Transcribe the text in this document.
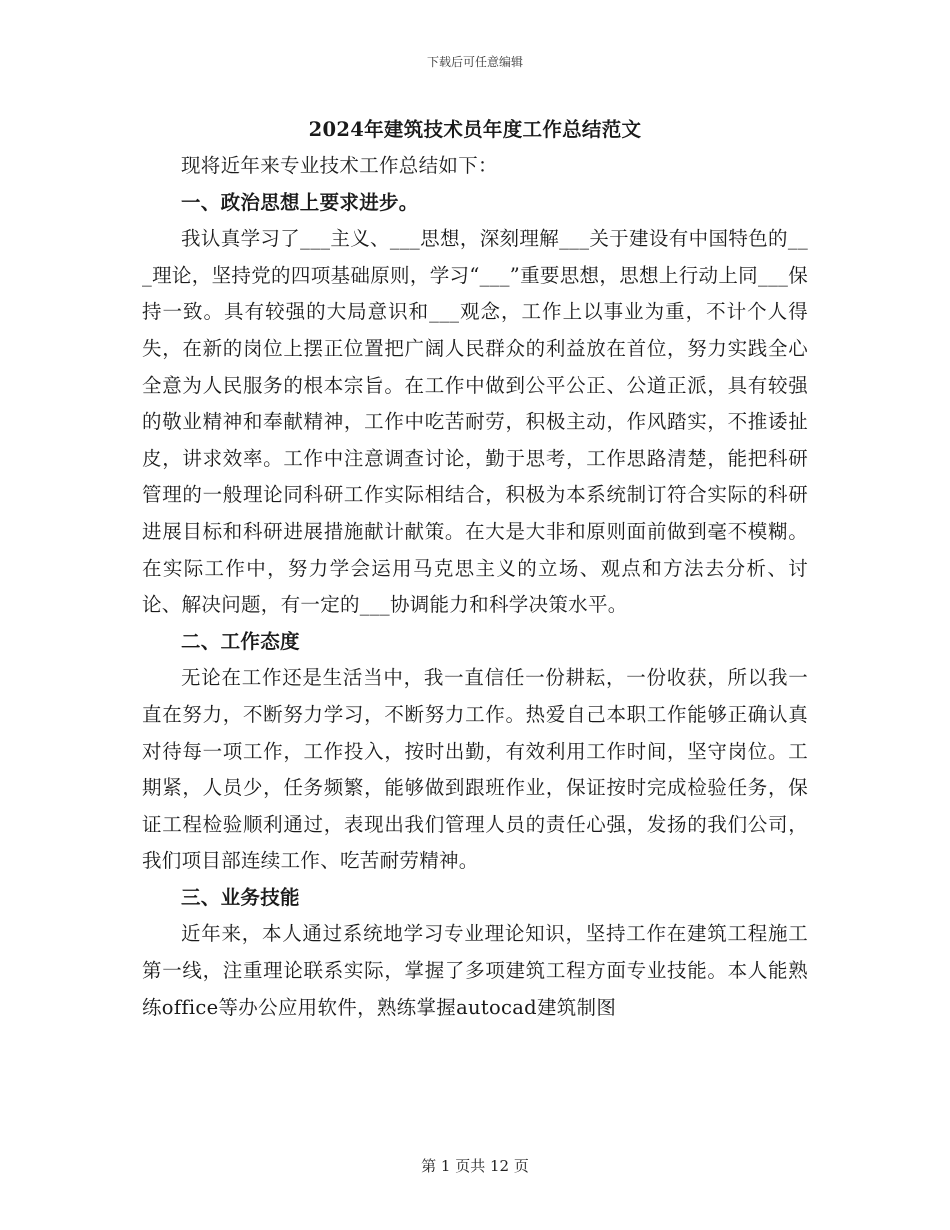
下载后可任意编辑
2024年建筑技术员年度工作总结范文

现将近年来专业技术工作总结如下：

一、政治思想上要求进步。

我认真学习了___主义、___思想，深刻理解___关于建设有中国特色的___理论，坚持党的四项基础原则，学习“___”重要思想，思想上行动上同___保持一致。具有较强的大局意识和___观念，工作上以事业为重，不计个人得失，在新的岗位上摆正位置把广阔人民群众的利益放在首位，努力实践全心全意为人民服务的根本宗旨。在工作中做到公平公正、公道正派，具有较强的敬业精神和奉献精神，工作中吃苦耐劳，积极主动，作风踏实，不推诿扯皮，讲求效率。工作中注意调查讨论，勤于思考，工作思路清楚，能把科研管理的一般理论同科研工作实际相结合，积极为本系统制订符合实际的科研进展目标和科研进展措施献计献策。在大是大非和原则面前做到毫不模糊。在实际工作中，努力学会运用马克思主义的立场、观点和方法去分析、讨论、解决问题，有一定的___协调能力和科学决策水平。

二、工作态度

无论在工作还是生活当中，我一直信任一份耕耘，一份收获，所以我一直在努力，不断努力学习，不断努力工作。热爱自己本职工作能够正确认真对待每一项工作，工作投入，按时出勤，有效利用工作时间，坚守岗位。工期紧，人员少，任务频繁，能够做到跟班作业，保证按时完成检验任务，保证工程检验顺利通过，表现出我们管理人员的责任心强，发扬的我们公司，我们项目部连续工作、吃苦耐劳精神。

三、业务技能

近年来，本人通过系统地学习专业理论知识，坚持工作在建筑工程施工第一线，注重理论联系实际，掌握了多项建筑工程方面专业技能。本人能熟练office等办公应用软件，熟练掌握autocad建筑制图

第 1 页共 12 页
